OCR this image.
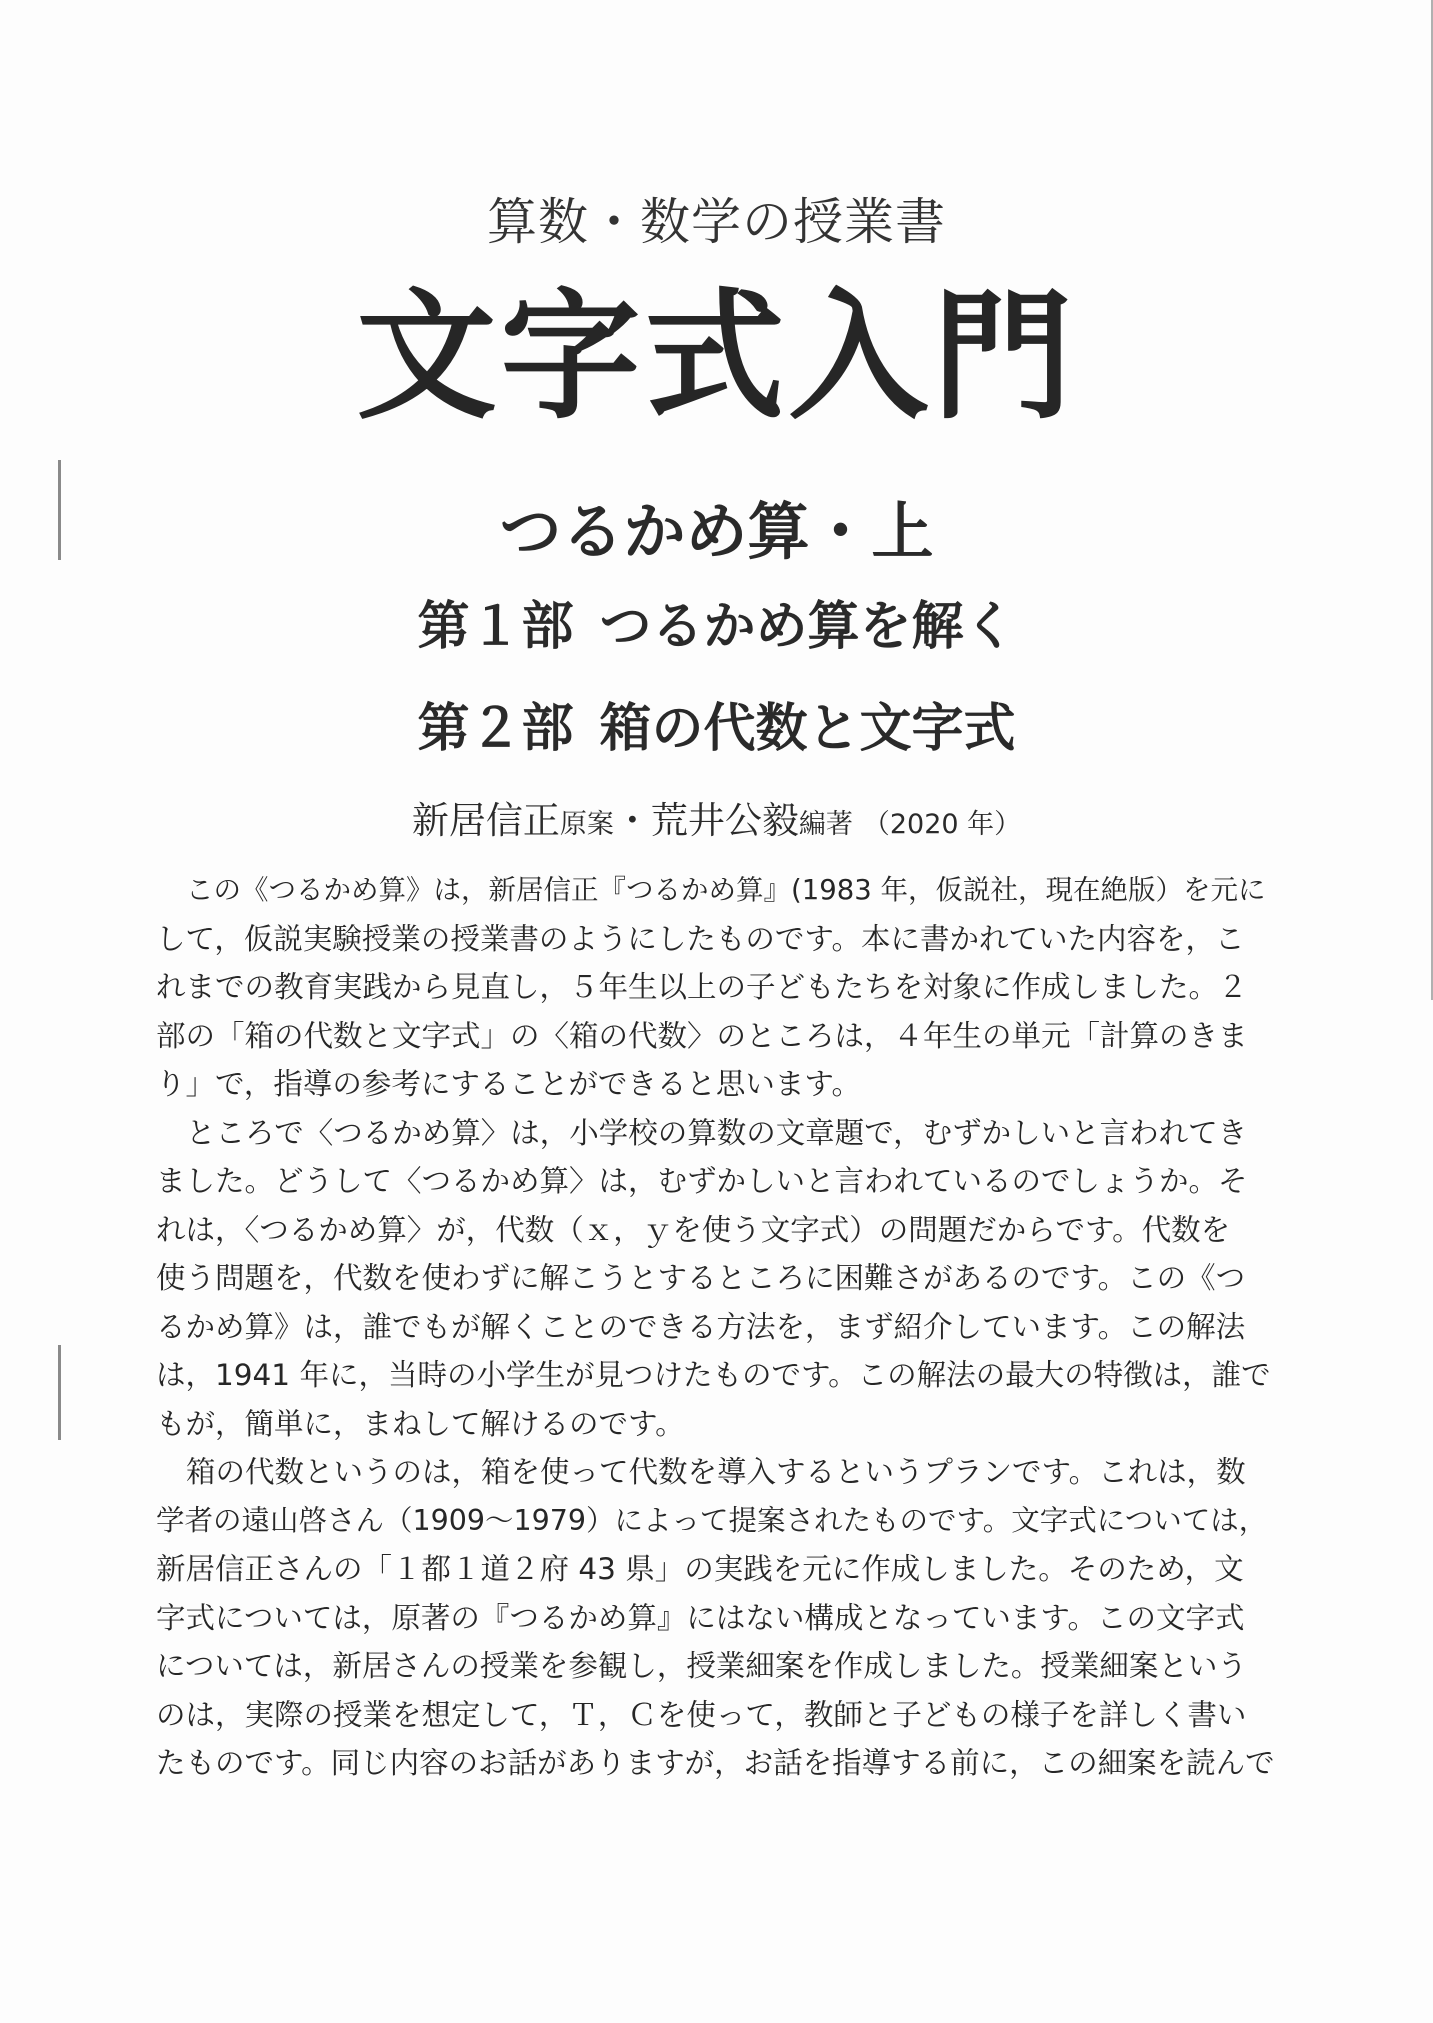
算数・数学の授業書
文字式入門
つるかめ算・上
第１部 つるかめ算を解く
第２部 箱の代数と文字式
新居信正原案・荒井公毅編著 （2020 年）
この《つるかめ算》は，新居信正『つるかめ算』(1983 年，仮説社，現在絶版）を元に
して，仮説実験授業の授業書のようにしたものです。本に書かれていた内容を，こ
れまでの教育実践から見直し，５年生以上の子どもたちを対象に作成しました。２
部の「箱の代数と文字式」の〈箱の代数〉のところは，４年生の単元「計算のきま
り」で，指導の参考にすることができると思います。
ところで〈つるかめ算〉は，小学校の算数の文章題で，むずかしいと言われてき
ました。どうして〈つるかめ算〉は，むずかしいと言われているのでしょうか。そ
れは，〈つるかめ算〉が，代数（ｘ，ｙを使う文字式）の問題だからです。代数を
使う問題を，代数を使わずに解こうとするところに困難さがあるのです。この《つ
るかめ算》は，誰でもが解くことのできる方法を，まず紹介しています。この解法
は，1941 年に，当時の小学生が見つけたものです。この解法の最大の特徴は，誰で
もが，簡単に，まねして解けるのです。
箱の代数というのは，箱を使って代数を導入するというプランです。これは，数
学者の遠山啓さん（1909～1979）によって提案されたものです。文字式については，
新居信正さんの「１都１道２府 43 県」の実践を元に作成しました。そのため，文
字式については，原著の『つるかめ算』にはない構成となっています。この文字式
については，新居さんの授業を参観し，授業細案を作成しました。授業細案という
のは，実際の授業を想定して，Ｔ，Ｃを使って，教師と子どもの様子を詳しく書い
たものです。同じ内容のお話がありますが，お話を指導する前に，この細案を読んで
